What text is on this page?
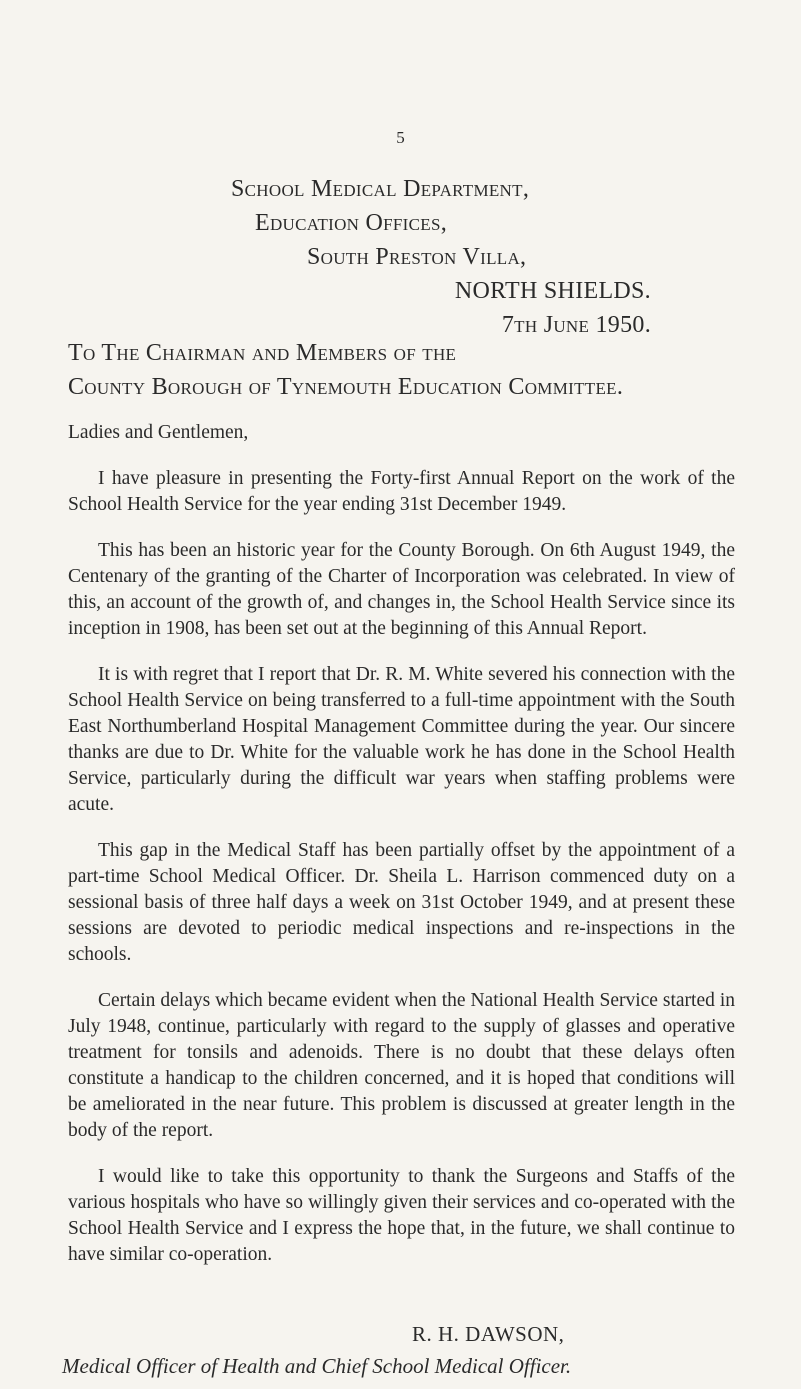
5
School Medical Department,
Education Offices,
South Preston Villa,
NORTH SHIELDS.
7th June 1950.
To The Chairman and Members of the
County Borough of Tynemouth Education Committee.
Ladies and Gentlemen,

I have pleasure in presenting the Forty-first Annual Report on the work of the School Health Service for the year ending 31st December 1949.

This has been an historic year for the County Borough. On 6th August 1949, the Centenary of the granting of the Charter of Incorporation was celebrated. In view of this, an account of the growth of, and changes in, the School Health Service since its inception in 1908, has been set out at the beginning of this Annual Report.

It is with regret that I report that Dr. R. M. White severed his connection with the School Health Service on being transferred to a full-time appointment with the South East Northumberland Hospital Management Committee during the year. Our sincere thanks are due to Dr. White for the valuable work he has done in the School Health Service, particularly during the difficult war years when staffing problems were acute.

This gap in the Medical Staff has been partially offset by the appointment of a part-time School Medical Officer. Dr. Sheila L. Harrison commenced duty on a sessional basis of three half days a week on 31st October 1949, and at present these sessions are devoted to periodic medical inspections and re-inspections in the schools.

Certain delays which became evident when the National Health Service started in July 1948, continue, particularly with regard to the supply of glasses and operative treatment for tonsils and adenoids. There is no doubt that these delays often constitute a handicap to the children concerned, and it is hoped that conditions will be ameliorated in the near future. This problem is discussed at greater length in the body of the report.

I would like to take this opportunity to thank the Surgeons and Staffs of the various hospitals who have so willingly given their services and co-operated with the School Health Service and I express the hope that, in the future, we shall continue to have similar co-operation.

R. H. DAWSON,
Medical Officer of Health and Chief School Medical Officer.
